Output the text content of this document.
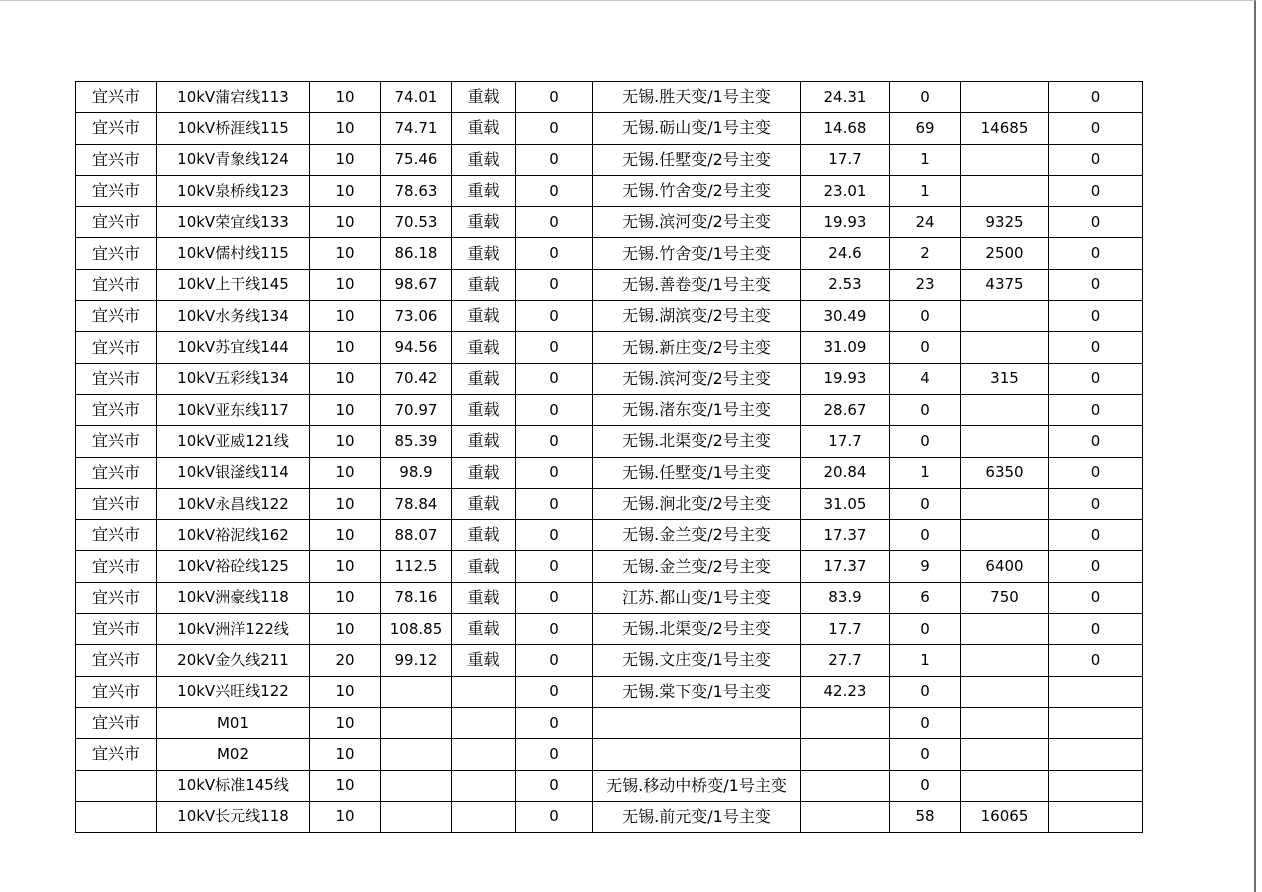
宜兴市	10kV蒲宕线113	10	74.01	重载	0	无锡.胜天变/1号主变	24.31	0		0
宜兴市	10kV桥涯线115	10	74.71	重载	0	无锡.砺山变/1号主变	14.68	69	14685	0
宜兴市	10kV青象线124	10	75.46	重载	0	无锡.任墅变/2号主变	17.7	1		0
宜兴市	10kV泉桥线123	10	78.63	重载	0	无锡.竹舍变/2号主变	23.01	1		0
宜兴市	10kV荣宜线133	10	70.53	重载	0	无锡.滨河变/2号主变	19.93	24	9325	0
宜兴市	10kV儒村线115	10	86.18	重载	0	无锡.竹舍变/1号主变	24.6	2	2500	0
宜兴市	10kV上干线145	10	98.67	重载	0	无锡.善卷变/1号主变	2.53	23	4375	0
宜兴市	10kV水务线134	10	73.06	重载	0	无锡.湖滨变/2号主变	30.49	0		0
宜兴市	10kV苏宜线144	10	94.56	重载	0	无锡.新庄变/2号主变	31.09	0		0
宜兴市	10kV五彩线134	10	70.42	重载	0	无锡.滨河变/2号主变	19.93	4	315	0
宜兴市	10kV亚东线117	10	70.97	重载	0	无锡.渚东变/1号主变	28.67	0		0
宜兴市	10kV亚威121线	10	85.39	重载	0	无锡.北渠变/2号主变	17.7	0		0
宜兴市	10kV银滏线114	10	98.9	重载	0	无锡.任墅变/1号主变	20.84	1	6350	0
宜兴市	10kV永昌线122	10	78.84	重载	0	无锡.涧北变/2号主变	31.05	0		0
宜兴市	10kV裕泥线162	10	88.07	重载	0	无锡.金兰变/2号主变	17.37	0		0
宜兴市	10kV裕砼线125	10	112.5	重载	0	无锡.金兰变/2号主变	17.37	9	6400	0
宜兴市	10kV洲豪线118	10	78.16	重载	0	江苏.都山变/1号主变	83.9	6	750	0
宜兴市	10kV洲洋122线	10	108.85	重载	0	无锡.北渠变/2号主变	17.7	0		0
宜兴市	20kV金久线211	20	99.12	重载	0	无锡.文庄变/1号主变	27.7	1		0
宜兴市	10kV兴旺线122	10			0	无锡.棠下变/1号主变	42.23	0		
宜兴市	M01	10			0			0		
宜兴市	M02	10			0			0		
	10kV标准145线	10			0	无锡.移动中桥变/1号主变		0		
	10kV长元线118	10			0	无锡.前元变/1号主变		58	16065	
